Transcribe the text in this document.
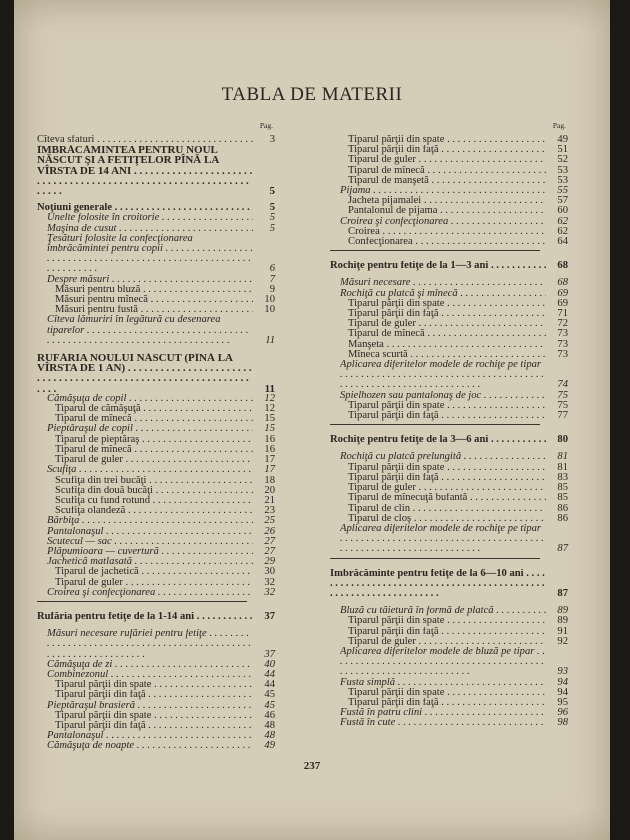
TABLA DE MATERII
Pag.
Cîteva sfaturi . . .	3
ÎMBRĂCĂMINTEA PENTRU NOUL NĂSCUT ŞI A FETIŢELOR PÎNĂ LA VÎRSTA DE 14 ANI . . .
5
Noţiuni generale . . .	5
Unelte folosite în croitorie . . .	5
Maşina de cusut . . .	5
Ţesături folosite la confecţionarea îmbrăcămintei pentru copii . . .
6
Despre măsuri . . .	7
Măsuri pentru bluză . . .	9
Măsuri pentru mînecă . . .	10
Măsuri pentru fustă . . .	10
Cîteva lămuriri în legătură cu desenarea tiparelor . . .
11
RUFĂRIA NOULUI NĂSCUT (PÎNĂ LA VÎRSTA DE 1 AN) . . .
11
Cămăşuţa de copil . . .	12
Tiparul de cămăşuţă . . .	12
Tiparul de mînecă . . .	15
Pieptăraşul de copil . . .	15
Tiparul de pieptăraş . . .	16
Tiparul de mînecă . . .	16
Tiparul de guler . . .	17
Scufiţa . . .	17
Scufiţa din trei bucăţi . . .	18
Scufiţa din două bucăţi . . .	20
Scufiţa cu fund rotund . . .	21
Scufiţa olandeză . . .	23
Bărbiţa . . .	25
Pantalonaşul . . .	26
Scutecul — sac . . .	27
Plăpumioara — cuvertură . . .	27
Jachetică matlasată . . .	29
Tiparul de jachetică . . .	30
Tiparul de guler . . .	32
Croirea şi confecţionarea . . .	32
Rufăria pentru fetiţe de la 1-14 ani . . .	37
Măsuri necesare rufăriei pentru fetiţe . . .
37
Cămăşuţa de zi . . .	40
Combinezonul . . .	44
Tiparul părţii din spate . . .	44
Tiparul părţii din faţă . . .	45
Pieptăraşul brasieră . . .	45
Tiparul părţii din spate . . .	46
Tiparul părţii din faţă . . .	48
Pantalonaşul . . .	48
Cămăşuţa de noapte . . .	49
Pag.
Tiparul părţii din spate . . .	49
Tiparul părţii din faţă . . .	51
Tiparul de guler . . .	52
Tiparul de mînecă . . .	53
Tiparul de manşetă . . .	53
Pijama . . .	55
Jacheta pijamalei . . .	57
Pantalonul de pijama . . .	60
Croirea şi confecţionarea . . .	62
Croirea . . .	62
Confecţionarea . . .	64
Rochiţe pentru fetiţe de la 1—3 ani . . .	68
Măsuri necesare . . .	68
Rochiţă cu platcă şi mînecă . . .	69
Tiparul părţii din spate . . .	69
Tiparul părţii din faţă . . .	71
Tiparul de guler . . .	72
Tiparul de mînecă . . .	73
Manşeta . . .	73
Mîneca scurtă . . .	73
Aplicarea diferitelor modele de rochiţe pe tipar . . .
74
Spielhozen sau pantalonaş de joc . . .	75
Tiparul părţii din spate . . .	75
Tiparul părţii din faţă . . .	77
Rochiţe pentru fetiţe de la 3—6 ani . . .	80
Rochiţă cu platcă prelungită . . .	81
Tiparul părţii din spate . . .	81
Tiparul părţii din faţă . . .	83
Tiparul de guler . . .	85
Tiparul de mînecuţă bufantă . . .	85
Tiparul de clin . . .	86
Tiparul de cloş . . .	86
Aplicarea diferitelor modele de rochiţe pe tipar . . .
87
Îmbrăcăminte pentru fetiţe de la 6—10 ani . . .
87
Bluză cu tăietură în formă de platcă . . .	89
Tiparul părţii din spate . . .	89
Tiparul părţii din faţă . . .	91
Tiparul de guler . . .	92
Aplicarea diferitelor modele de bluză pe tipar . . .
93
Fusta simplă . . .	94
Tiparul părţii din spate . . .	94
Tiparul părţii din faţă . . .	95
Fustă în patru clini . . .	96
Fustă în cute . . .	98
237
